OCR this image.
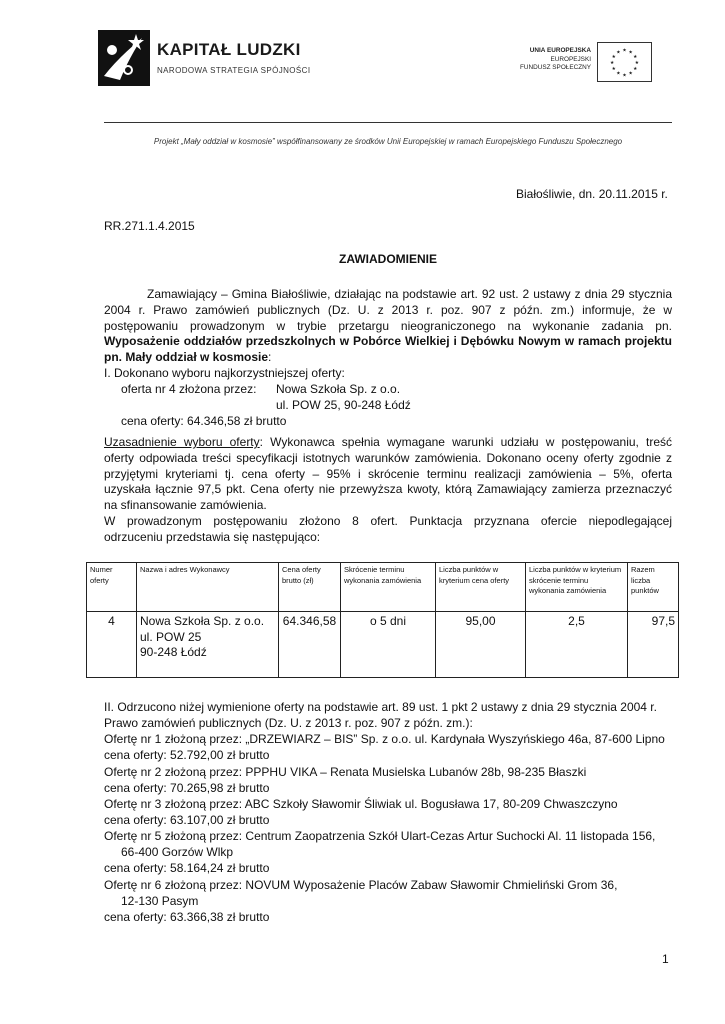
KAPITAŁ LUDZKI
NARODOWA STRATEGIA SPÓJNOŚCI
UNIA EUROPEJSKA
EUROPEJSKI
FUNDUSZ SPOŁECZNY
★ ★
★
★
★
★
★
★
★
★
★
★
Projekt „Mały oddział w kosmosie” współfinansowany ze środków Unii Europejskiej w ramach Europejskiego Funduszu Społecznego
Białośliwie, dn. 20.11.2015 r.
RR.271.1.4.2015
ZAWIADOMIENIE
Zamawiający – Gmina Białośliwie, działając na podstawie art. 92 ust. 2 ustawy z dnia 29 stycznia
2004 r. Prawo zamówień publicznych (Dz. U. z 2013 r. poz. 907 z późn. zm.) informuje, że w
postępowaniu prowadzonym w trybie przetargu nieograniczonego na wykonanie zadania pn.
Wyposażenie oddziałów przedszkolnych w Pobórce Wielkiej i Dębówku Nowym w ramach projektu
pn. Mały oddział w kosmosie:
I. Dokonano wyboru najkorzystniejszej oferty:
oferta nr 4 złożona przez: Nowa Szkoła Sp. z o.o.
ul. POW 25, 90-248 Łódź
cena oferty: 64.346,58 zł brutto
Uzasadnienie wyboru oferty: Wykonawca spełnia wymagane warunki udziału w postępowaniu, treść
oferty odpowiada treści specyfikacji istotnych warunków zamówienia. Dokonano oceny oferty zgodnie z
przyjętymi kryteriami tj. cena oferty – 95% i skrócenie terminu realizacji zamówienia – 5%, oferta
uzyskała łącznie 97,5 pkt. Cena oferty nie przewyższa kwoty, którą Zamawiający zamierza przeznaczyć
na sfinansowanie zamówienia.
W prowadzonym postępowaniu złożono 8 ofert. Punktacja przyznana ofercie niepodlegającej
odrzuceniu przedstawia się następująco:
Numer oferty	Nazwa i adres Wykonawcy	Cena oferty brutto (zł)	Skrócenie terminu wykonania zamówienia	Liczba punktów w kryterium cena oferty	Liczba punktów w kryterium skrócenie terminu wykonania zamówienia	Razem liczba punktów
4	Nowa Szkoła Sp. z o.o.
ul. POW 25
90-248 Łódź	64.346,58	o 5 dni	95,00	2,5	97,5
II. Odrzucono niżej wymienione oferty na podstawie art. 89 ust. 1 pkt 2 ustawy z dnia 29 stycznia 2004 r.
Prawo zamówień publicznych (Dz. U. z 2013 r. poz. 907 z późn. zm.):
Ofertę nr 1 złożoną przez: „DRZEWIARZ – BIS” Sp. z o.o. ul. Kardynała Wyszyńskiego 46a, 87-600 Lipno
cena oferty: 52.792,00 zł brutto
Ofertę nr 2 złożoną przez: PPPHU VIKA – Renata Musielska Lubanów 28b, 98-235 Błaszki
cena oferty: 70.265,98 zł brutto
Ofertę nr 3 złożoną przez: ABC Szkoły Sławomir Śliwiak ul. Bogusława 17, 80-209 Chwaszczyno
cena oferty: 63.107,00 zł brutto
Ofertę nr 5 złożoną przez: Centrum Zaopatrzenia Szkół Ulart-Cezas Artur Suchocki Al. 11 listopada 156,
66-400 Gorzów Wlkp
cena oferty: 58.164,24 zł brutto
Ofertę nr 6 złożoną przez: NOVUM Wyposażenie Placów Zabaw Sławomir Chmieliński Grom 36,
12-130 Pasym
cena oferty: 63.366,38 zł brutto
1
